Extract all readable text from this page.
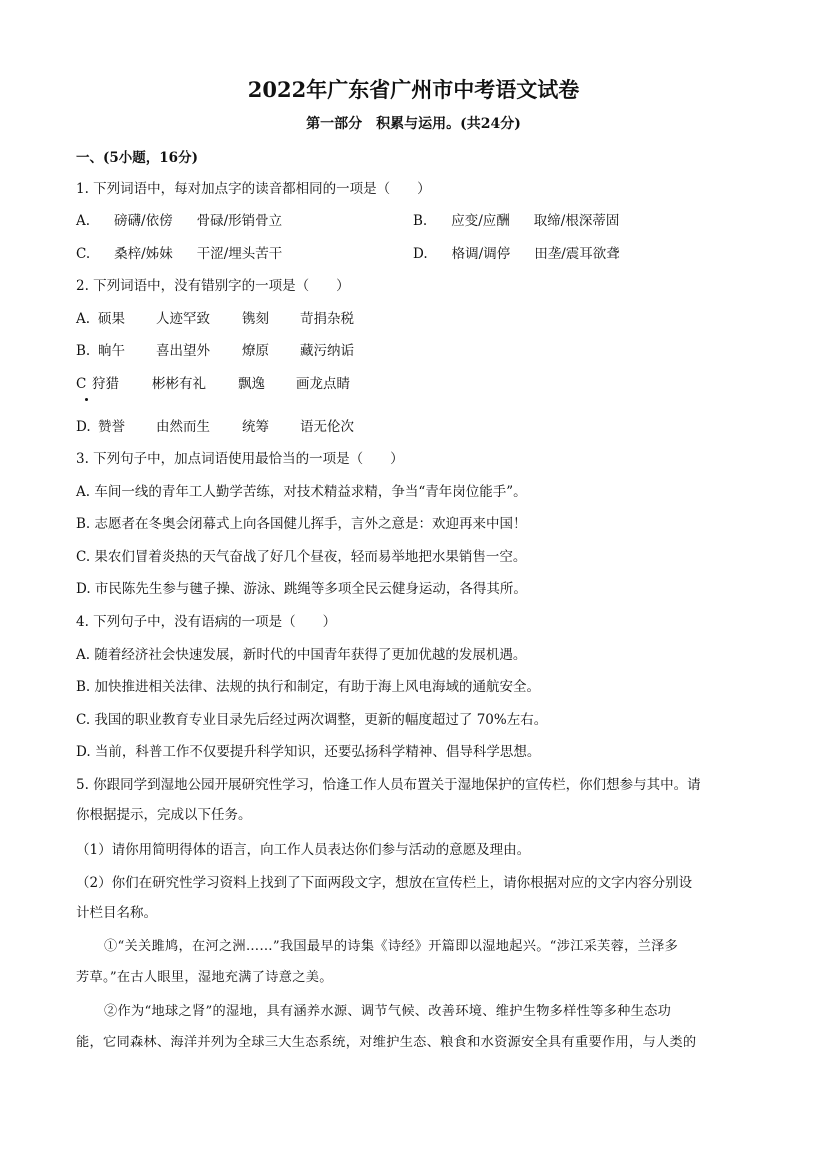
2022年广东省广州市中考语文试卷
第一部分　积累与运用。(共24分)
一、(5小题，16分)
1. 下列词语中，每对加点字的读音都相同的一项是（　　）
A. 磅礴/依傍 骨碌/形销骨立	B. 应变/应酬 取缔/根深蒂固
C. 桑梓/姊妹 干涩/埋头苦干	D. 格调/调停 田垄/震耳欲聋
2. 下列词语中，没有错别字的一项是（　　）
A. 硕果 人迹罕致 镌刻 苛捐杂税
B. 晌午 喜出望外 燎原 藏污纳诟
C 狩猎 彬彬有礼 飘逸 画龙点睛
D. 赞誉 由然而生 统筹 语无伦次
3. 下列句子中，加点词语使用最恰当的一项是（　　）
A. 车间一线的青年工人勤学苦练，对技术精益求精，争当“青年岗位能手”。
B. 志愿者在冬奥会闭幕式上向各国健儿挥手，言外之意是：欢迎再来中国！
C. 果农们冒着炎热的天气奋战了好几个昼夜，轻而易举地把水果销售一空。
D. 市民陈先生参与毽子操、游泳、跳绳等多项全民云健身运动，各得其所。
4. 下列句子中，没有语病的一项是（　　）
A. 随着经济社会快速发展，新时代的中国青年获得了更加优越的发展机遇。
B. 加快推进相关法律、法规的执行和制定，有助于海上风电海域的通航安全。
C. 我国的职业教育专业目录先后经过两次调整，更新的幅度超过了 70%左右。
D. 当前，科普工作不仅要提升科学知识，还要弘扬科学精神、倡导科学思想。
5. 你跟同学到湿地公园开展研究性学习，恰逢工作人员布置关于湿地保护的宣传栏，你们想参与其中。请
你根据提示，完成以下任务。
（1）请你用简明得体的语言，向工作人员表达你们参与活动的意愿及理由。
（2）你们在研究性学习资料上找到了下面两段文字，想放在宣传栏上，请你根据对应的文字内容分别设
计栏目名称。
①“关关雎鸠，在河之洲……”我国最早的诗集《诗经》开篇即以湿地起兴。“涉江采芙蓉，兰泽多
芳草。”在古人眼里，湿地充满了诗意之美。
②作为“地球之肾”的湿地，具有涵养水源、调节气候、改善环境、维护生物多样性等多种生态功
能，它同森林、海洋并列为全球三大生态系统，对维护生态、粮食和水资源安全具有重要作用，与人类的
